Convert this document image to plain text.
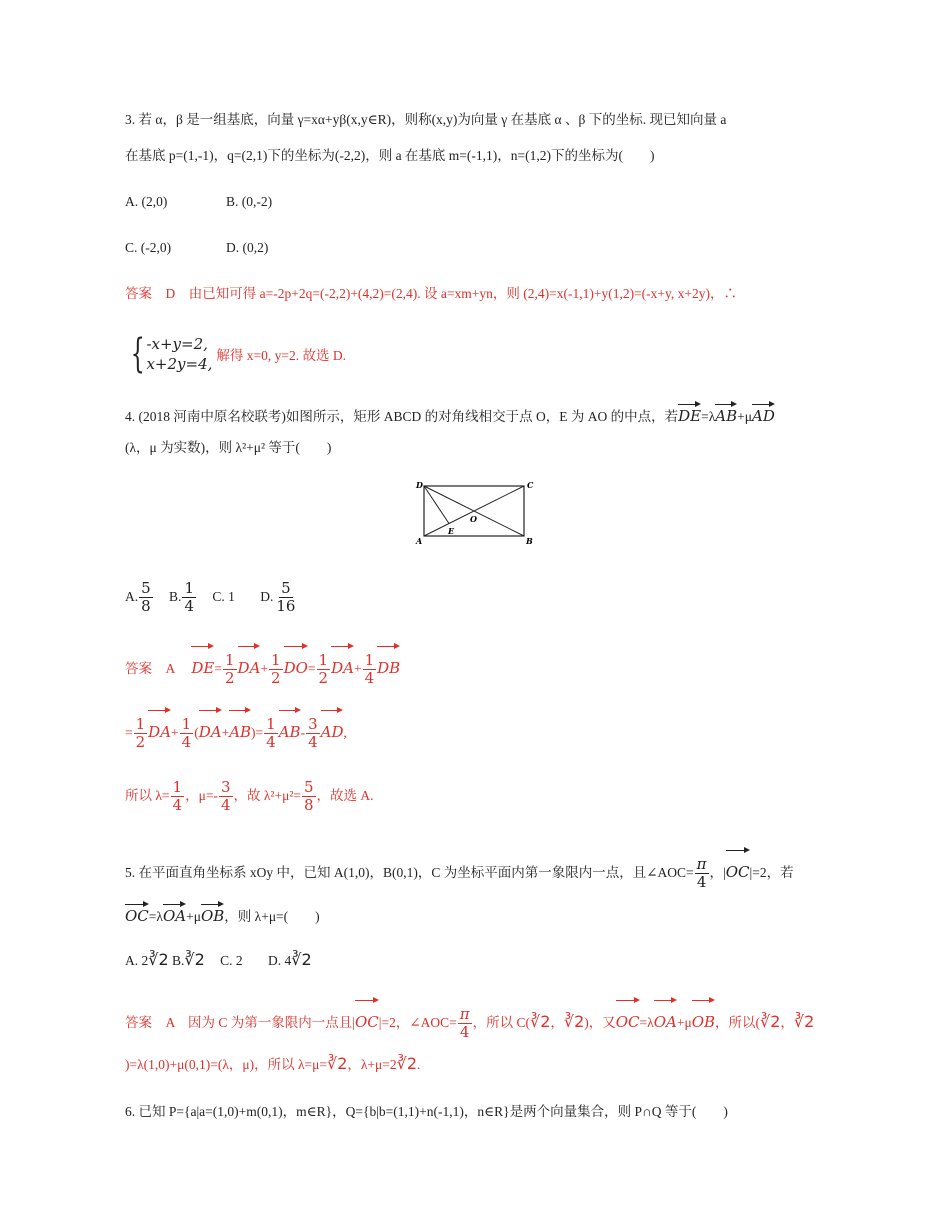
3. 若 α，β 是一组基底，向量 γ=xα+yβ(x,y∈R)，则称(x,y)为向量 γ 在基底 α 、β 下的坐标. 现已知向量 a
在基底 p=(1,-1)，q=(2,1)下的坐标为(-2,2)，则 a 在基底 m=(-1,1)，n=(1,2)下的坐标为(　　)
A. (2,0)	B. (0,-2)
C. (-2,0)	D. (0,2)
答案　D　 由已知可得 a=-2p+2q=(-2,2)+(4,2)=(2,4). 设 a=xm+yn，则 (2,4)=x(-1,1)+y(1,2)=(-x+y, x+2y)，∴
{ -x+y=2,
x+2y=4, 解得 x=0, y=2. 故选 D.
4. (2018 河南中原名校联考)如图所示，矩形 ABCD 的对角线相交于点 O，E 为 AO 的中点，若DE=λAB+μAD
(λ，μ 为实数)，则 λ²+μ² 等于(　　)
D	C
A	B
E
O
A. $\frac{5}{8} B$. $\frac{1}{4} C$. 1 D. $\frac{5}{16}$
答案　A　 $DE= \frac{1}{2} DA+ \frac{1}{2} DO= \frac{1}{2} DA+ \frac{1}{4}$ DB
= $\frac{1}{2} DA+ \frac{1}{4} (DA+AB)= \frac{1}{4} AB- \frac{3}{4}$ AD,
所以 $\lambda= \frac{1}{4}$ ，$\mu=- \frac{3}{4}$ ，故 $\lambda^2+\mu^2= \frac{5}{8}$ ，故选 A.
5. 在平面直角坐标系 xOy 中，已知 A(1,0)，B(0,1)，C 为坐标平面内第一象限内一点，且∠AOC= $\frac{\pi}{4}$ ，|OC|=2，若
OC=λOA+μOB，则 λ+μ=(　　)
A. 2∛2 B.∛2 C. 2 D. 4∛2
答案　A　 因为 C 为第一象限内一点且|OC|=2，∠AOC= $\frac{\pi}{4}$ ，所以 C(∛2，∛2)，又OC=λOA+μOB，所以(∛2，∛2
)=λ(1,0)+μ(0,1)=(λ，μ)，所以 λ=μ=∛2，λ+μ=2∛2.
6. 已知 P={a|a=(1,0)+m(0,1)，m∈R}，Q={b|b=(1,1)+n(-1,1)，n∈R}是两个向量集合，则 P∩Q 等于(　　)
